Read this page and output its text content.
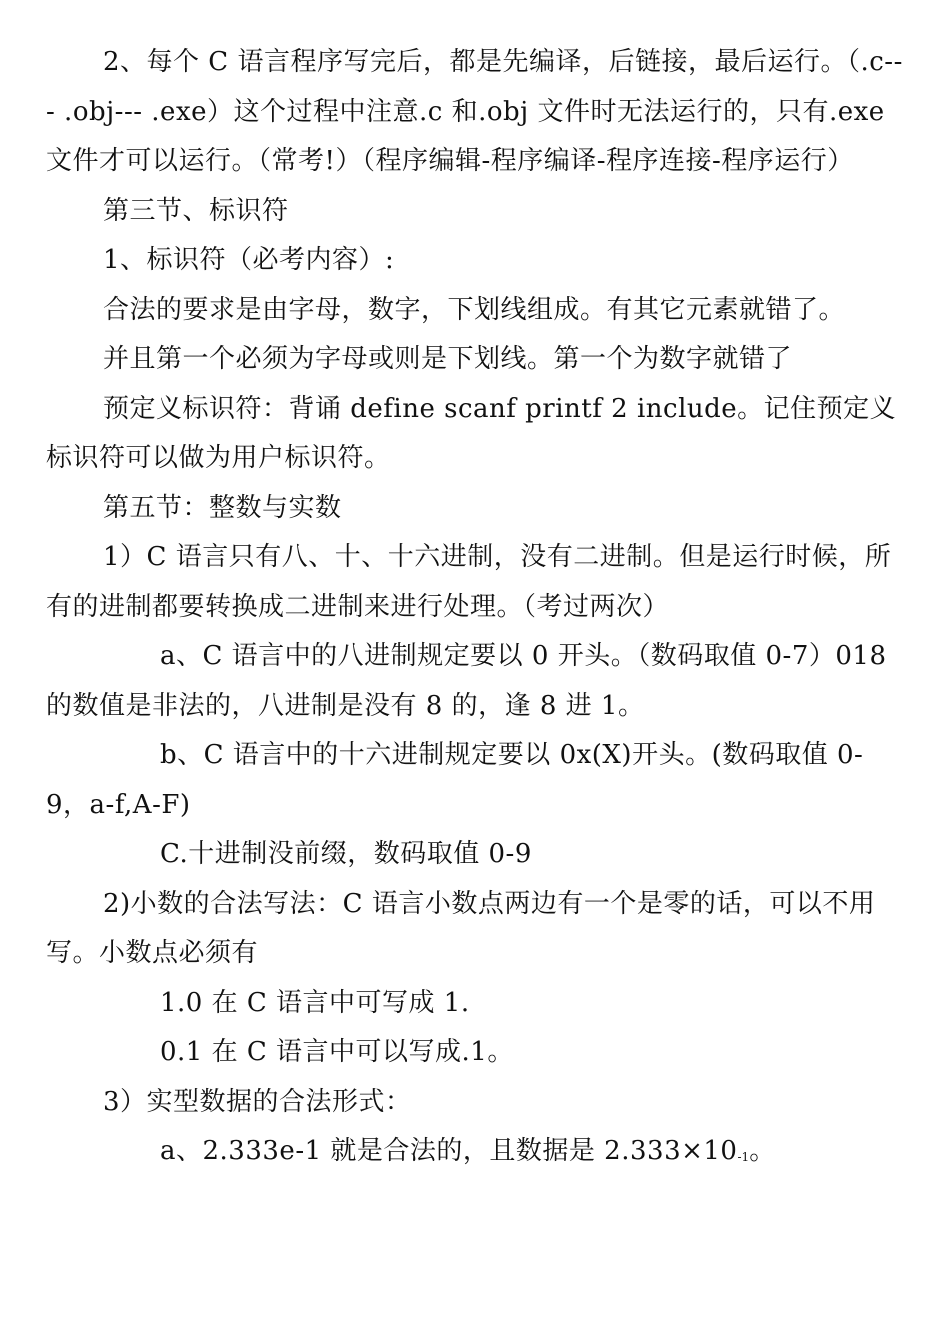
2、每个 C 语言程序写完后，都是先编译，后链接，最后运行。（.c--- .obj--- .exe）这个过程中注意.c 和.obj 文件时无法运行的，只有.exe 文件才可以运行。（常考!）（程序编辑-程序编译-程序连接-程序运行）

第三节、标识符

1、标识符（必考内容）:

合法的要求是由字母，数字，下划线组成。有其它元素就错了。

并且第一个必须为字母或则是下划线。第一个为数字就错了

预定义标识符：背诵 define scanf printf 2 include。记住预定义标识符可以做为用户标识符。

第五节：整数与实数

1）C 语言只有八、十、十六进制，没有二进制。但是运行时候，所有的进制都要转换成二进制来进行处理。（考过两次）

a、C 语言中的八进制规定要以 0 开头。（数码取值 0-7）018 的数值是非法的，八进制是没有 8 的，逢 8 进 1。

b、C 语言中的十六进制规定要以 0x(X)开头。(数码取值 0-9，a-f,A-F)

C.十进制没前缀，数码取值 0-9

2)小数的合法写法：C 语言小数点两边有一个是零的话，可以不用写。小数点必须有

1.0 在 C 语言中可写成 1.

0.1 在 C 语言中可以写成.1。

3）实型数据的合法形式：

a、2.333e-1 就是合法的，且数据是 $2.333\times 10^{-1}$。
